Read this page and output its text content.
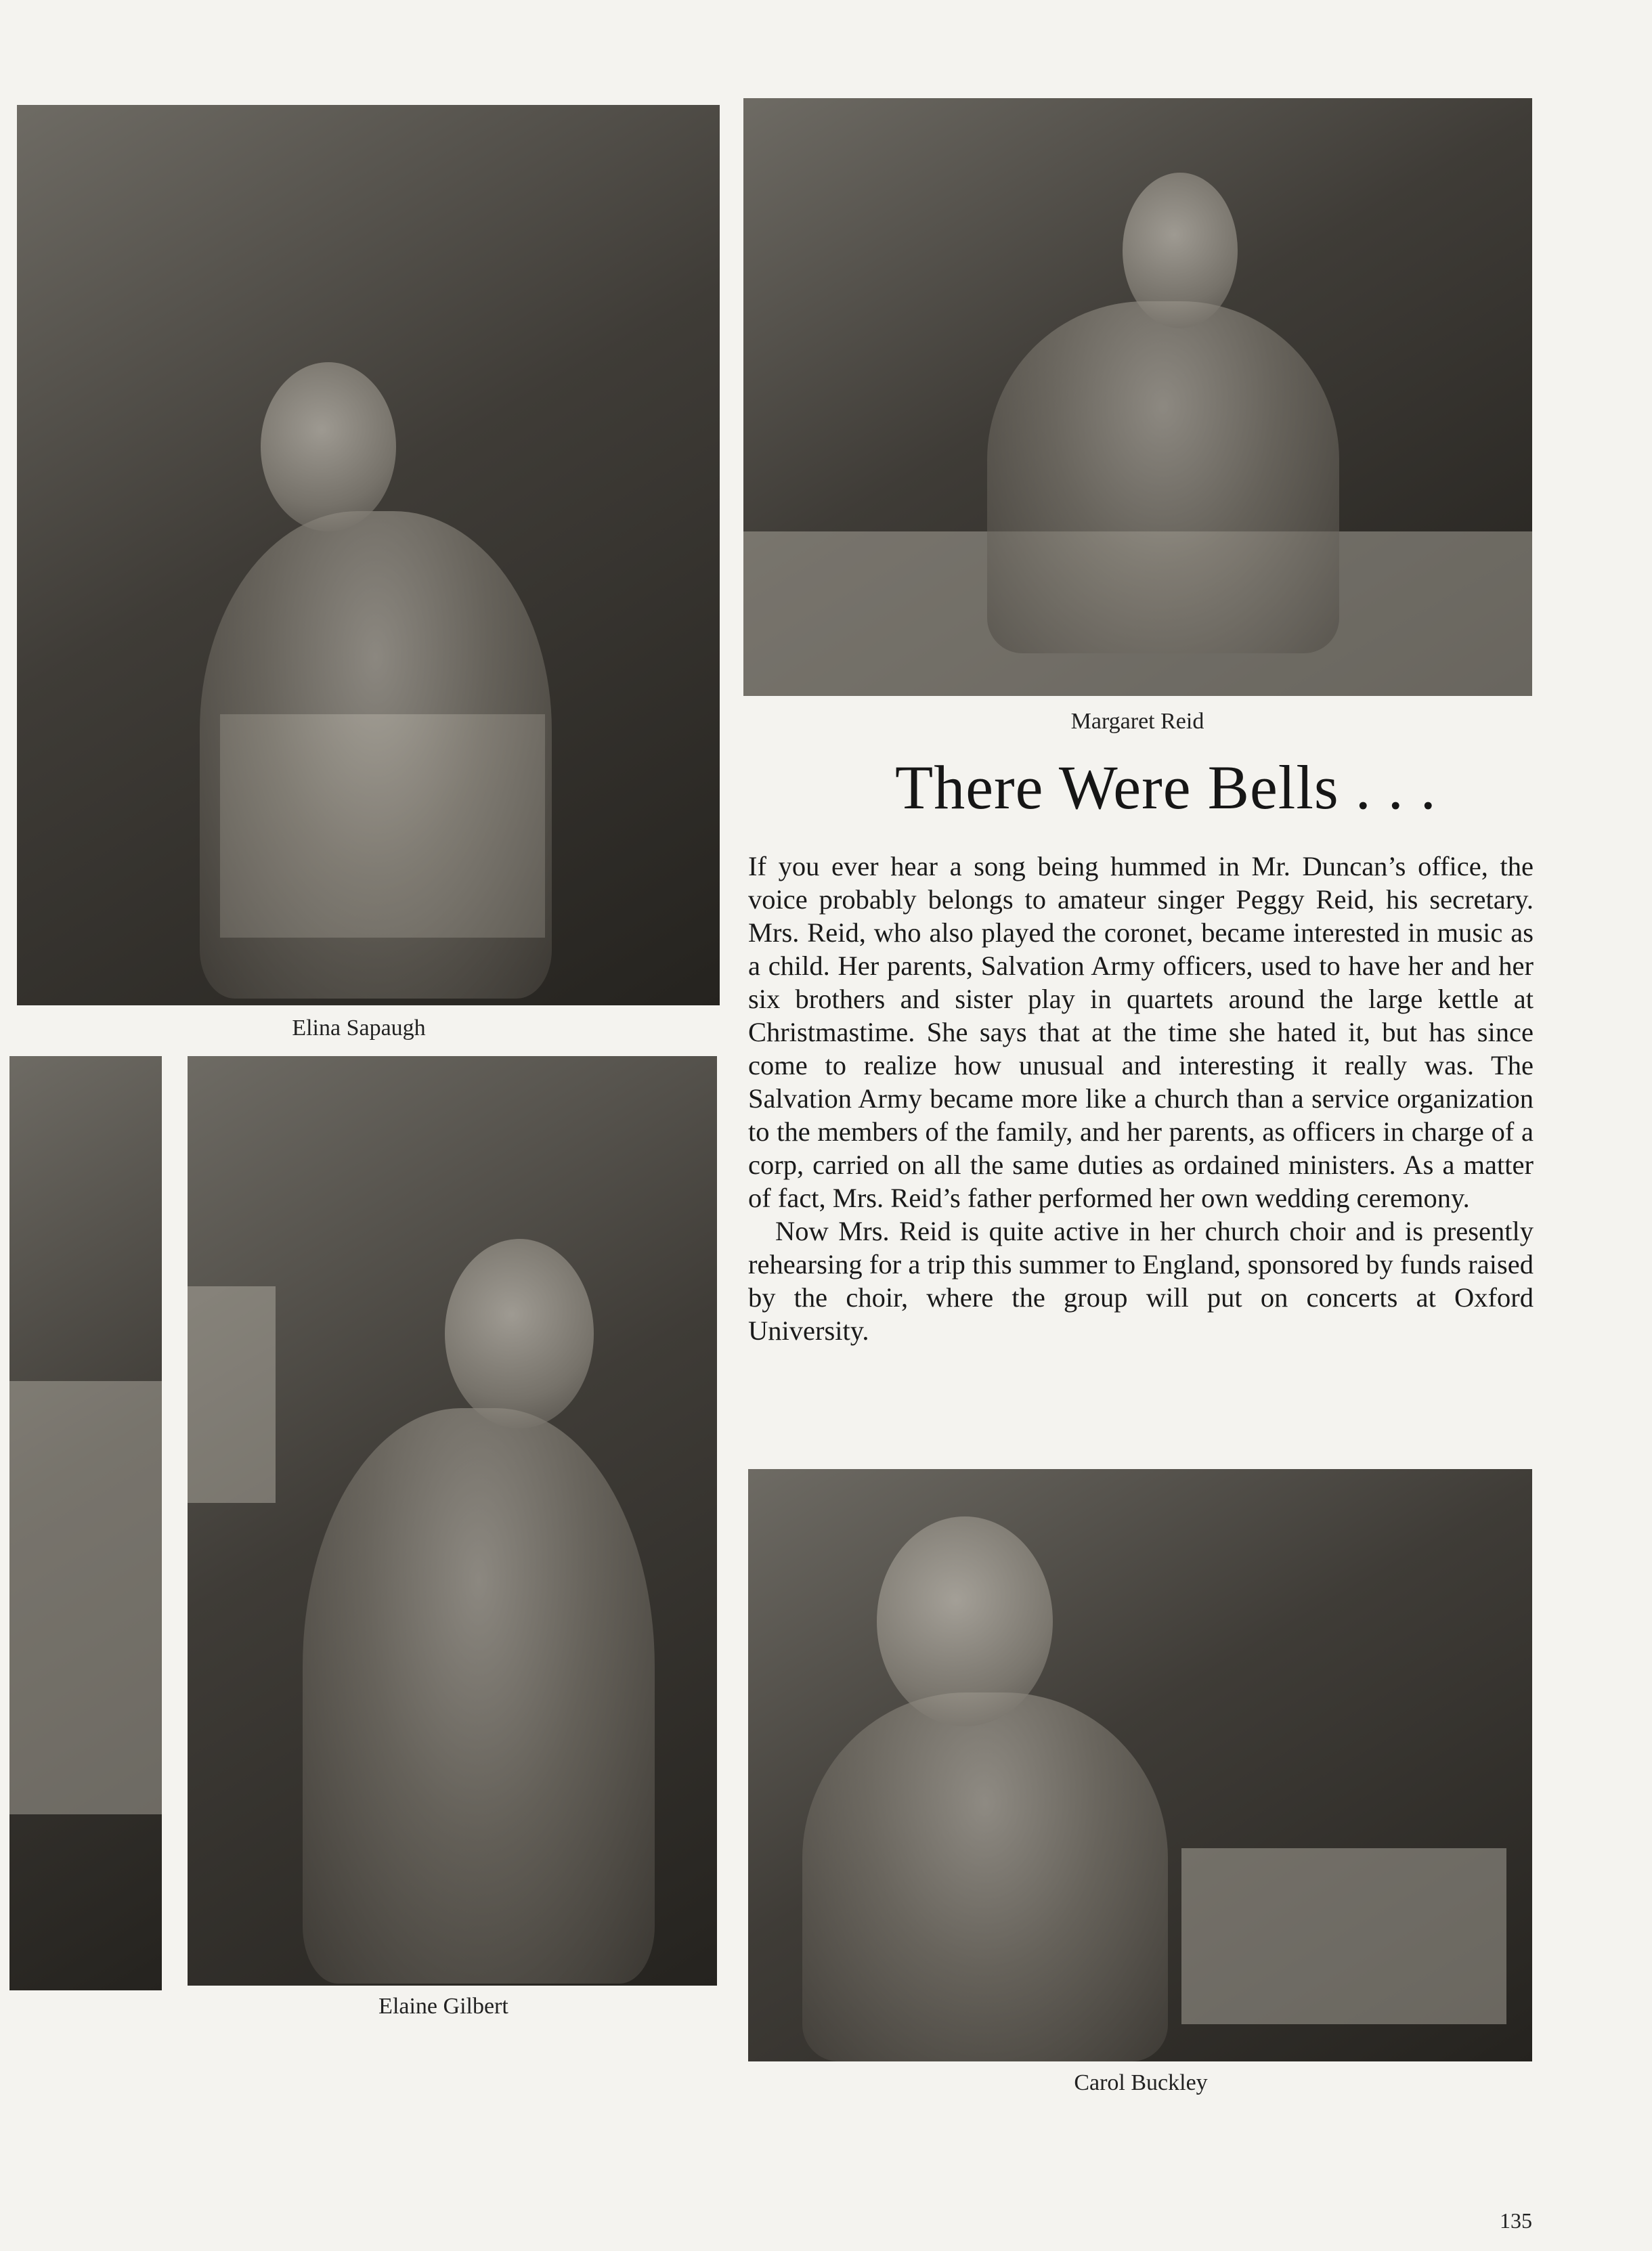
Elina Sapaugh
Margaret Reid
There Were Bells . . .

If you ever hear a song being hummed in Mr. Duncan’s office, the voice probably belongs to amateur singer Peggy Reid, his secretary. Mrs. Reid, who also played the coronet, became interested in music as a child. Her parents, Salvation Army officers, used to have her and her six brothers and sister play in quartets around the large kettle at Christmastime. She says that at the time she hated it, but has since come to realize how unusual and interesting it really was. The Salvation Army became more like a church than a service organization to the members of the family, and her parents, as officers in charge of a corp, carried on all the same duties as ordained ministers. As a matter of fact, Mrs. Reid’s father performed her own wedding ceremony.

Now Mrs. Reid is quite active in her church choir and is presently rehearsing for a trip this summer to England, sponsored by funds raised by the choir, where the group will put on concerts at Oxford University.

Elaine Gilbert
Carol Buckley
135
